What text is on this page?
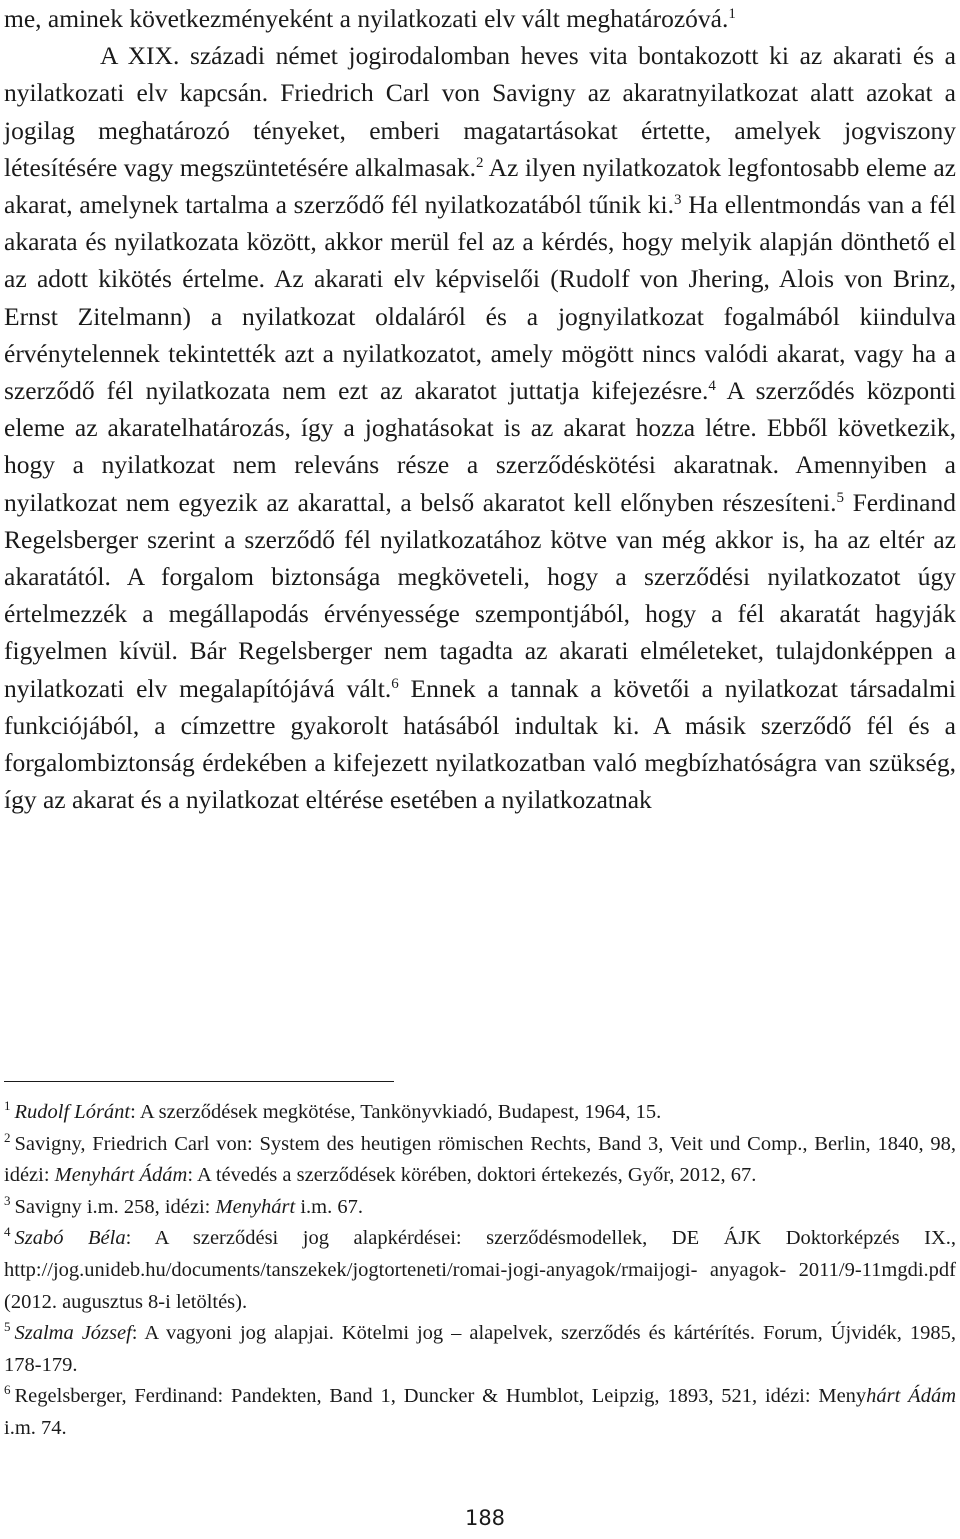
me, aminek következményeként a nyilatkozati elv vált meghatározóvá.$^1$

A XIX. századi német jogirodalomban heves vita bontakozott ki az akarati és a nyilatkozati elv kapcsán. Friedrich Carl von Savigny az akaratnyilatkozat alatt azokat a jogilag meghatározó tényeket, emberi magatartásokat értette, amelyek jogviszony létesítésére vagy megszüntetésére alkalmasak.$^2$ Az ilyen nyilatkozatok legfontosabb eleme az akarat, amelynek tartalma a szerződő fél nyilatkozatából tűnik ki.$^3$ Ha ellentmondás van a fél akarata és nyilatkozata között, akkor merül fel az a kérdés, hogy melyik alapján dönthető el az adott kikötés értelme. Az akarati elv képviselői (Rudolf von Jhering, Alois von Brinz, Ernst Zitelmann) a nyilatkozat oldaláról és a jognyilatkozat fogalmából kiindulva érvénytelennek tekintették azt a nyilatkozatot, amely mögött nincs valódi akarat, vagy ha a szerződő fél nyilatkozata nem ezt az akaratot juttatja kifejezésre.$^4$ A szerződés központi eleme az akaratelhatározás, így a joghatásokat is az akarat hozza létre. Ebből következik, hogy a nyilatkozat nem releváns része a szerződéskötési akaratnak. Amennyiben a nyilatkozat nem egyezik az akarattal, a belső akaratot kell előnyben részesíteni.$^5$ Ferdinand Regelsberger szerint a szerződő fél nyilatkozatához kötve van még akkor is, ha az eltér az akaratától. A forgalom biztonsága megköveteli, hogy a szerződési nyilatkozatot úgy értelmezzék a megállapodás érvényessége szempontjából, hogy a fél akaratát hagyják figyelmen kívül. Bár Regelsberger nem tagadta az akarati elméleteket, tulajdonképpen a nyilatkozati elv megalapítójává vált.$^6$ Ennek a tannak a követői a nyilatkozat társadalmi funkciójából, a címzettre gyakorolt hatásából indultak ki. A másik szerződő fél és a forgalombiztonság érdekében a kifejezett nyilatkozatban való megbízhatóságra van szükség, így az akarat és a nyilatkozat eltérése esetében a nyilatkozatnak

$^1$ Rudolf Lóránt: A szerződések megkötése, Tankönyvkiadó, Budapest, 1964, 15.

$^2$ Savigny, Friedrich Carl von: System des heutigen römischen Rechts, Band 3, Veit und Comp., Berlin, 1840, 98, idézi: Menyhárt Ádám: A tévedés a szerződések körében, doktori értekezés, Győr, 2012, 67.

$^3$ Savigny i.m. 258, idézi: Menyhárt i.m. 67.

$^4$ Szabó Béla: A szerződési jog alapkérdései: szerződésmodellek, DE ÁJK Doktorképzés IX., http://jog.unideb.hu/documents/tanszekek/jogtorteneti/romai-jogi-anyagok/rmaijogi- anyagok- 2011/9-11mgdi.pdf (2012. augusztus 8-i letöltés).

$^5$ Szalma József: A vagyoni jog alapjai. Kötelmi jog – alapelvek, szerződés és kártérítés. Forum, Újvidék, 1985, 178-179.

$^6$ Regelsberger, Ferdinand: Pandekten, Band 1, Duncker & Humblot, Leipzig, 1893, 521, idézi: Menyhárt Ádám i.m. 74.

188
